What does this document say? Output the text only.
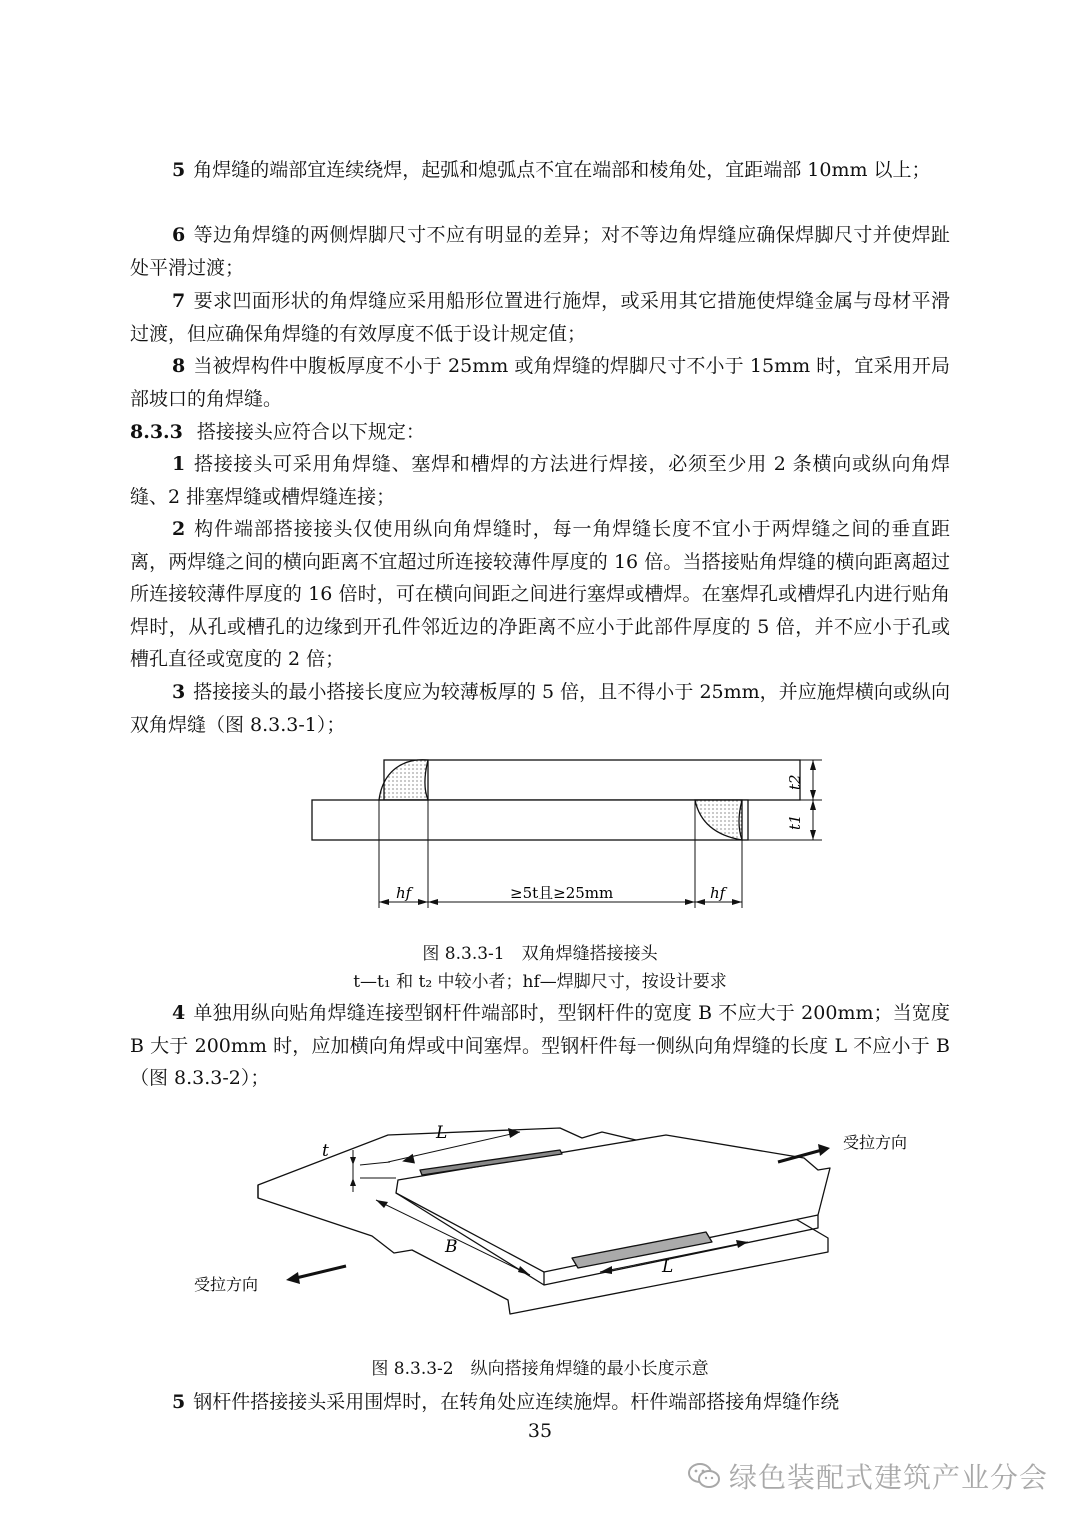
5 角焊缝的端部宜连续绕焊，起弧和熄弧点不宜在端部和棱角处，宜距端部 10mm 以上；

6 等边角焊缝的两侧焊脚尺寸不应有明显的差异；对不等边角焊缝应确保焊脚尺寸并使焊趾处平滑过渡；

7 要求凹面形状的角焊缝应采用船形位置进行施焊，或采用其它措施使焊缝金属与母材平滑过渡，但应确保角焊缝的有效厚度不低于设计规定值；

8 当被焊构件中腹板厚度不小于 25mm 或角焊缝的焊脚尺寸不小于 15mm 时，宜采用开局部坡口的角焊缝。

8.3.3 搭接接头应符合以下规定：

1 搭接接头可采用角焊缝、塞焊和槽焊的方法进行焊接，必须至少用 2 条横向或纵向角焊缝、2 排塞焊缝或槽焊缝连接；

2 构件端部搭接接头仅使用纵向角焊缝时，每一角焊缝长度不宜小于两焊缝之间的垂直距离，两焊缝之间的横向距离不宜超过所连接较薄件厚度的 16 倍。当搭接贴角焊缝的横向距离超过所连接较薄件厚度的 16 倍时，可在横向间距之间进行塞焊或槽焊。在塞焊孔或槽焊孔内进行贴角焊时，从孔或槽孔的边缘到开孔件邻近边的净距离不应小于此部件厚度的 5 倍，并不应小于孔或槽孔直径或宽度的 2 倍；

3 搭接接头的最小搭接长度应为较薄板厚的 5 倍，且不得小于 25mm，并应施焊横向或纵向双角焊缝（图 8.3.3-1）；

t2
t1
hf	hf
≥5t且≥25mm
图 8.3.3-1　双角焊缝搭接接头
t—t₁ 和 t₂ 中较小者；hf—焊脚尺寸，按设计要求

4 单独用纵向贴角焊缝连接型钢杆件端部时，型钢杆件的宽度 B 不应大于 200mm；当宽度 B 大于 200mm 时，应加横向角焊或中间塞焊。型钢杆件每一侧纵向角焊缝的长度 L 不应小于 B（图 8.3.3-2）；

t
L
B
L
受拉方向
受拉方向
图 8.3.3-2　纵向搭接角焊缝的最小长度示意

5 钢杆件搭接接头采用围焊时，在转角处应连续施焊。杆件端部搭接角焊缝作绕

35
绿色装配式建筑产业分会
